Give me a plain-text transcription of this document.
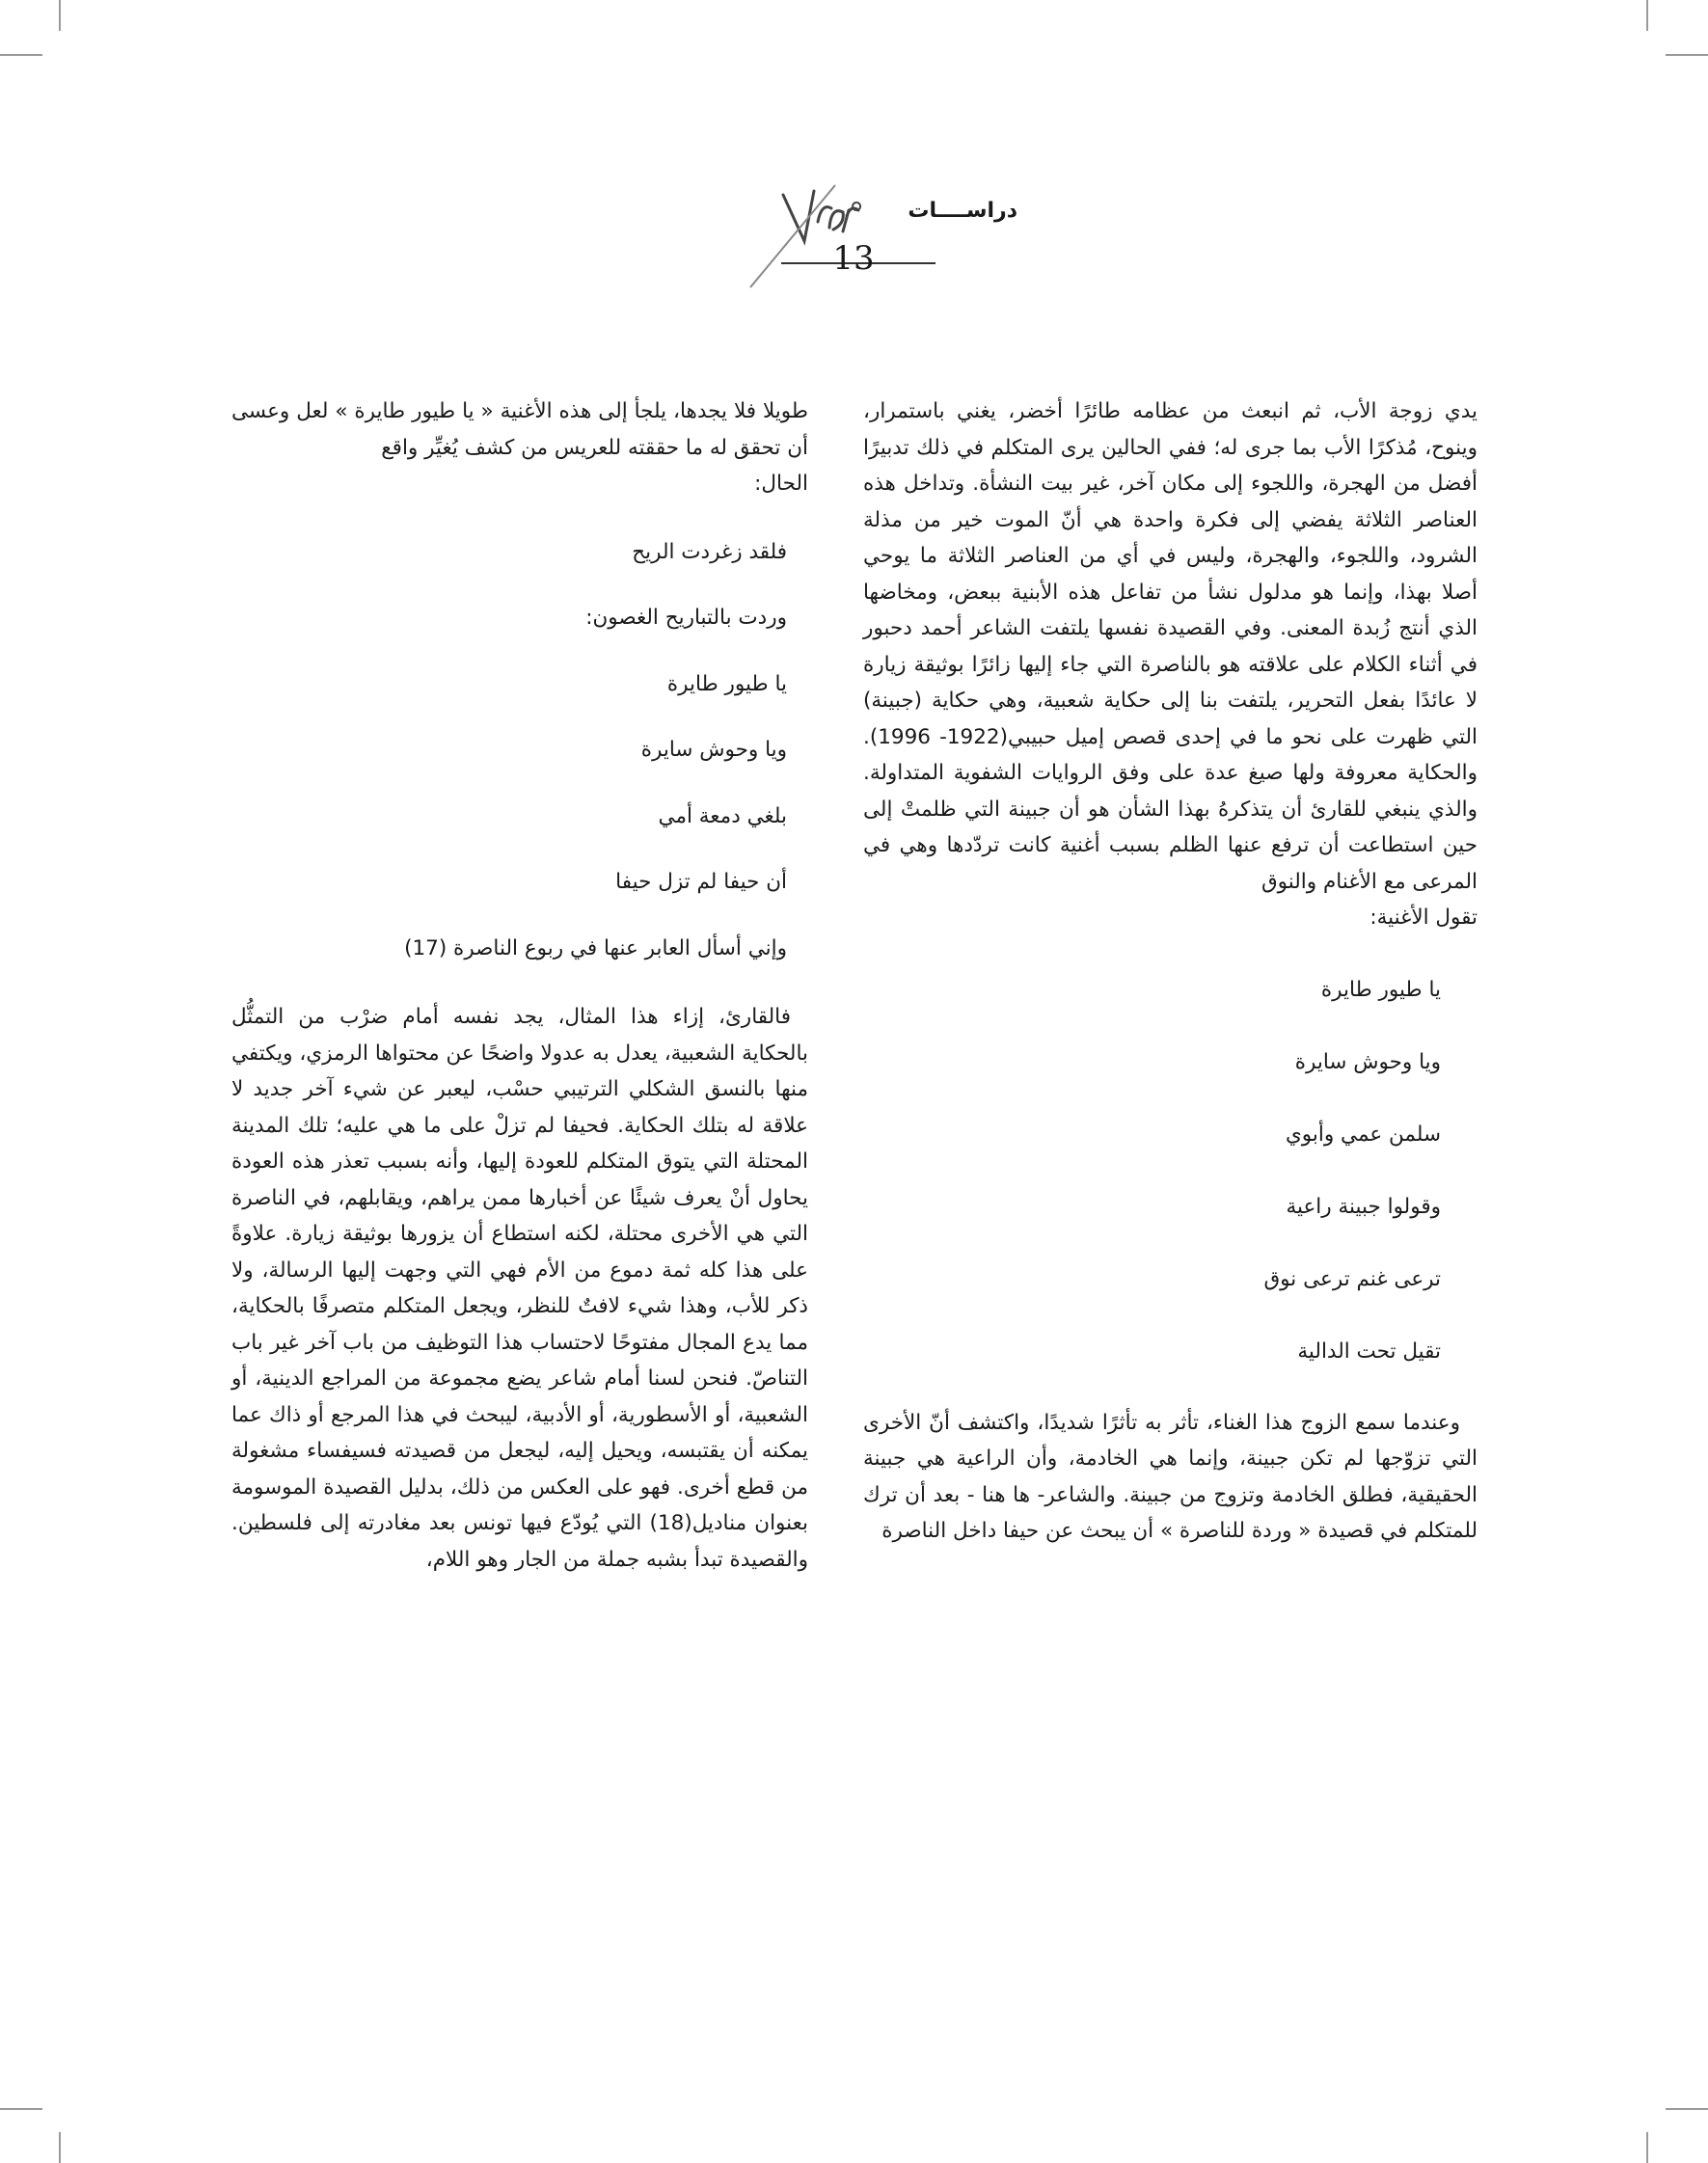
دراســــات
13

يدي زوجة الأب، ثم انبعث من عظامه طائرًا أخضر، يغني باستمرار، وينوح، مُذكرًا الأب بما جرى له؛ ففي الحالين يرى المتكلم في ذلك تدبيرًا أفضل من الهجرة، واللجوء إلى مكان آخر، غير بيت النشأة. وتداخل هذه العناصر الثلاثة يفضي إلى فكرة واحدة هي أنّ الموت خير من مذلة الشرود، واللجوء، والهجرة، وليس في أي من العناصر الثلاثة ما يوحي أصلا بهذا، وإنما هو مدلول نشأ من تفاعل هذه الأبنية ببعض، ومخاضها الذي أنتج زُبدة المعنى. وفي القصيدة نفسها يلتفت الشاعر أحمد دحبور في أثناء الكلام على علاقته هو بالناصرة التي جاء إليها زائرًا بوثيقة زيارة لا عائدًا بفعل التحرير، يلتفت بنا إلى حكاية شعبية، وهي حكاية (جبينة) التي ظهرت على نحو ما في إحدى قصص إميل حبيبي(1922- 1996). والحكاية معروفة ولها صيغ عدة على وفق الروايات الشفوية المتداولة. والذي ينبغي للقارئ أن يتذكرهُ بهذا الشأن هو أن جبينة التي ظلمتْ إلى حين استطاعت أن ترفع عنها الظلم بسبب أغنية كانت تردّدها وهي في المرعى مع الأغنام والنوق

تقول الأغنية:

يا طيور طايرة

ويا وحوش سايرة

سلمن عمي وأبوي

وقولوا جبينة راعية

ترعى غنم ترعى نوق

تقيل تحت الدالية

وعندما سمع الزوج هذا الغناء، تأثر به تأثرًا شديدًا، واكتشف أنّ الأخرى التي تزوّجها لم تكن جبينة، وإنما هي الخادمة، وأن الراعية هي جبينة الحقيقية، فطلق الخادمة وتزوج من جبينة. والشاعر- ها هنا - بعد أن ترك للمتكلم في قصيدة « وردة للناصرة » أن يبحث عن حيفا داخل الناصرة

طويلا فلا يجدها، يلجأ إلى هذه الأغنية « يا طيور طايرة » لعل وعسى أن تحقق له ما حققته للعريس من كشف يُغيِّر واقع

الحال:

فلقد زغردت الريح

وردت بالتباريح الغصون:

يا طيور طايرة

ويا وحوش سايرة

بلغي دمعة أمي

أن حيفا لم تزل حيفا

وإني أسأل العابر عنها في ربوع الناصرة (17)

فالقارئ، إزاء هذا المثال، يجد نفسه أمام ضرْب من التمثُّل بالحكاية الشعبية، يعدل به عدولا واضحًا عن محتواها الرمزي، ويكتفي منها بالنسق الشكلي الترتيبي حسْب، ليعبر عن شيء آخر جديد لا علاقة له بتلك الحكاية. فحيفا لم تزلْ على ما هي عليه؛ تلك المدينة المحتلة التي يتوق المتكلم للعودة إليها، وأنه بسبب تعذر هذه العودة يحاول أنْ يعرف شيئًا عن أخبارها ممن يراهم، ويقابلهم، في الناصرة التي هي الأخرى محتلة، لكنه استطاع أن يزورها بوثيقة زيارة. علاوةً على هذا كله ثمة دموع من الأم فهي التي وجهت إليها الرسالة، ولا ذكر للأب، وهذا شيء لافتٌ للنظر، ويجعل المتكلم متصرفًا بالحكاية، مما يدع المجال مفتوحًا لاحتساب هذا التوظيف من باب آخر غير باب التناصّ. فنحن لسنا أمام شاعر يضع مجموعة من المراجع الدينية، أو الشعبية، أو الأسطورية، أو الأدبية، ليبحث في هذا المرجع أو ذاك عما يمكنه أن يقتبسه، ويحيل إليه، ليجعل من قصيدته فسيفساء مشغولة من قطع أخرى. فهو على العكس من ذلك، بدليل القصيدة الموسومة بعنوان مناديل(18) التي يُودّع فيها تونس بعد مغادرته إلى فلسطين. والقصيدة تبدأ بشبه جملة من الجار وهو اللام،
